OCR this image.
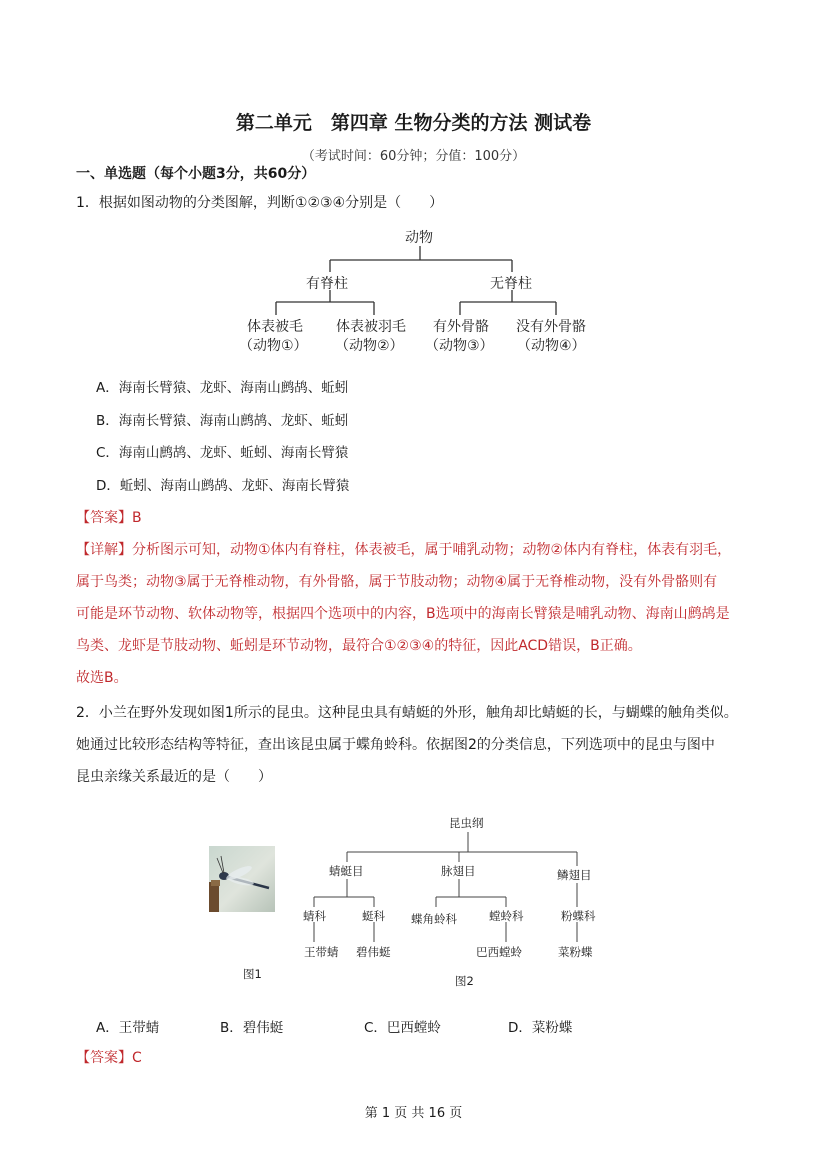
第二单元　第四章 生物分类的方法 测试卷
（考试时间：60分钟；分值：100分）
一、单选题（每个小题3分，共60分）
1．根据如图动物的分类图解，判断①②③④分别是（　　）
动物
有脊柱	无脊柱
体表被毛
（动物①）
体表被羽毛
（动物②）
有外骨骼
（动物③）
没有外骨骼
（动物④）
A．海南长臂猿、龙虾、海南山鹧鸪、蚯蚓
B．海南长臂猿、海南山鹧鸪、龙虾、蚯蚓
C．海南山鹧鸪、龙虾、蚯蚓、海南长臂猿
D．蚯蚓、海南山鹧鸪、龙虾、海南长臂猿
【答案】B
【详解】分析图示可知，动物①体内有脊柱，体表被毛，属于哺乳动物；动物②体内有脊柱，体表有羽毛，
属于鸟类；动物③属于无脊椎动物，有外骨骼，属于节肢动物；动物④属于无脊椎动物，没有外骨骼则有
可能是环节动物、软体动物等，根据四个选项中的内容，B选项中的海南长臂猿是哺乳动物、海南山鹧鸪是
鸟类、龙虾是节肢动物、蚯蚓是环节动物，最符合①②③④的特征，因此ACD错误，B正确。
故选B。
2．小兰在野外发现如图1所示的昆虫。这种昆虫具有蜻蜓的外形，触角却比蜻蜓的长，与蝴蝶的触角类似。
她通过比较形态结构等特征，查出该昆虫属于蝶角蛉科。依据图2的分类信息，下列选项中的昆虫与图中
昆虫亲缘关系最近的是（　　）
图1
昆虫纲
蜻蜓目	脉翅目	鳞翅目
蜻科	蜓科 蝶角蛉科	螳蛉科	粉蝶科
王带蜻 碧伟蜓	巴西螳蛉	菜粉蝶
图2
A．王带蜻	B．碧伟蜓	C．巴西螳蛉	D．菜粉蝶
【答案】C
第 1 页 共 16 页
